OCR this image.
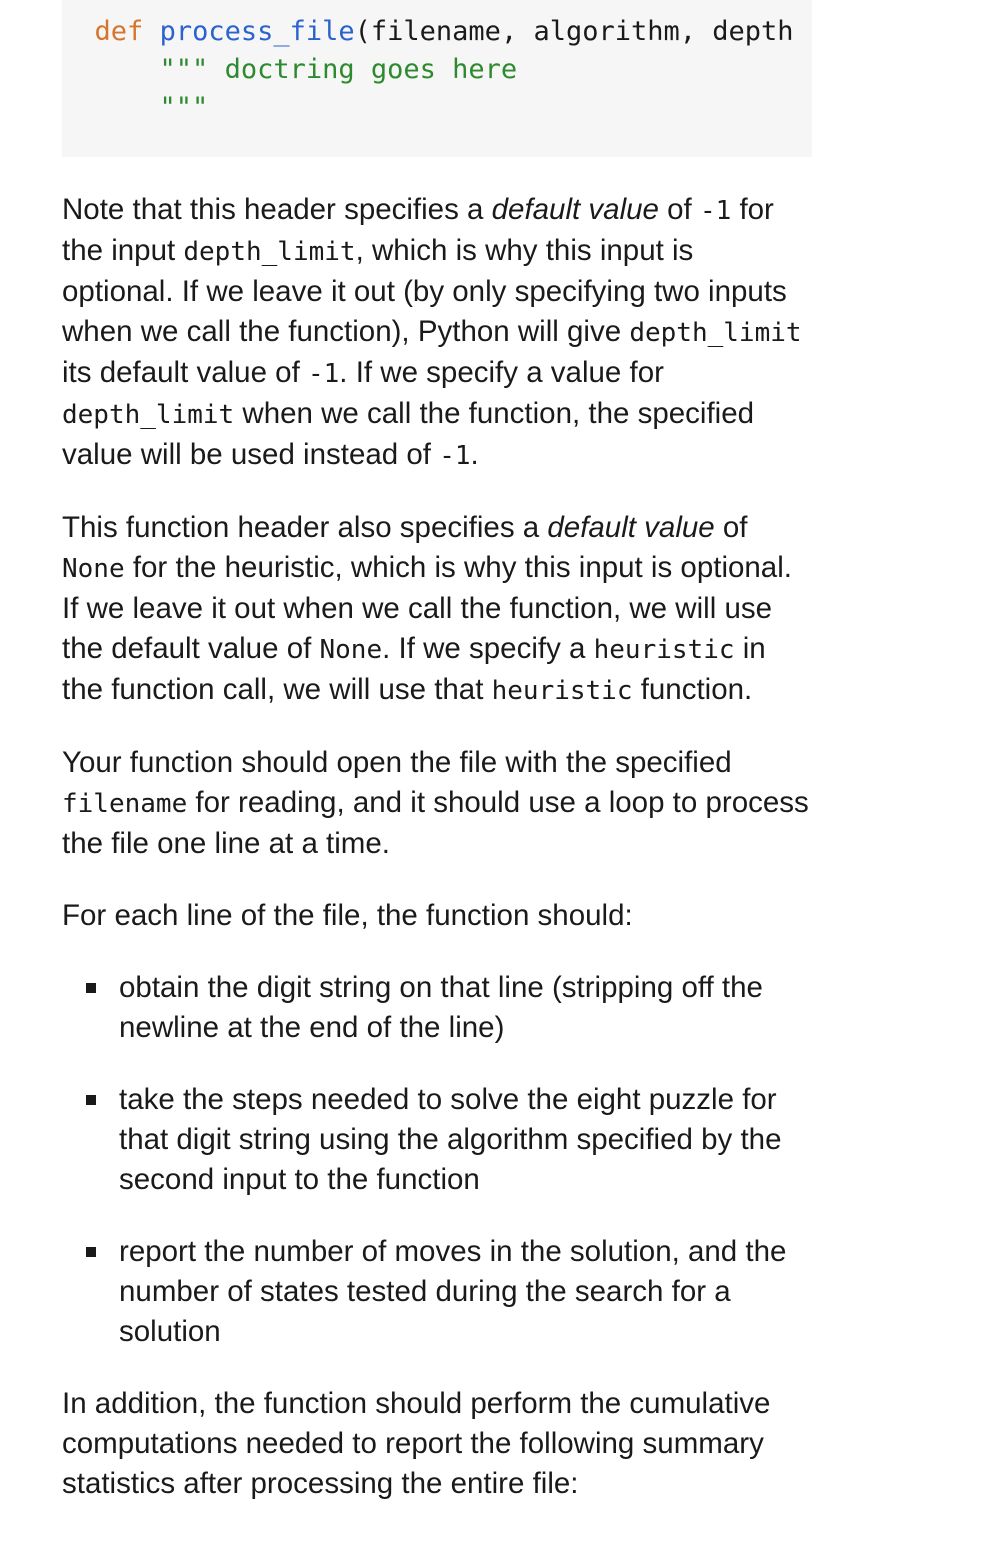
def process_file(filename, algorithm, depth
""" doctring goes here
"""

Note that this header specifies a default value of -1 for the input depth_limit, which is why this input is optional. If we leave it out (by only specifying two inputs when we call the function), Python will give depth_limit its default value of -1. If we specify a value for depth_limit when we call the function, the specified value will be used instead of -1.

This function header also specifies a default value of None for the heuristic, which is why this input is optional. If we leave it out when we call the function, we will use the default value of None. If we specify a heuristic in the function call, we will use that heuristic function.

Your function should open the file with the specified filename for reading, and it should use a loop to process the file one line at a time.

For each line of the file, the function should:

obtain the digit string on that line (stripping off the newline at the end of the line)
take the steps needed to solve the eight puzzle for that digit string using the algorithm specified by the second input to the function
report the number of moves in the solution, and the number of states tested during the search for a solution

In addition, the function should perform the cumulative computations needed to report the following summary statistics after processing the entire file:
